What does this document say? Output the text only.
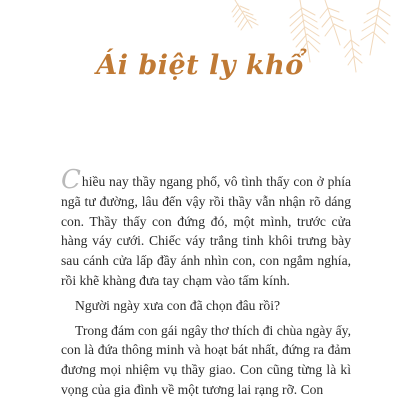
Ái biệt ly khổ

Chiều nay thầy ngang phố, vô tình thấy con ở phía ngã tư đường, lâu đến vậy rồi thầy vẫn nhận rõ dáng con. Thầy thấy con đứng đó, một mình, trước cửa hàng váy cưới. Chiếc váy trắng tinh khôi trưng bày sau cánh cửa lấp đầy ánh nhìn con, con ngắm nghía, rồi khẽ khàng đưa tay chạm vào tấm kính.

Người ngày xưa con đã chọn đâu rồi?

Trong đám con gái ngây thơ thích đi chùa ngày ấy, con là đứa thông minh và hoạt bát nhất, đứng ra đảm đương mọi nhiệm vụ thầy giao. Con cũng từng là kì vọng của gia đình về một tương lai rạng rỡ. Con
